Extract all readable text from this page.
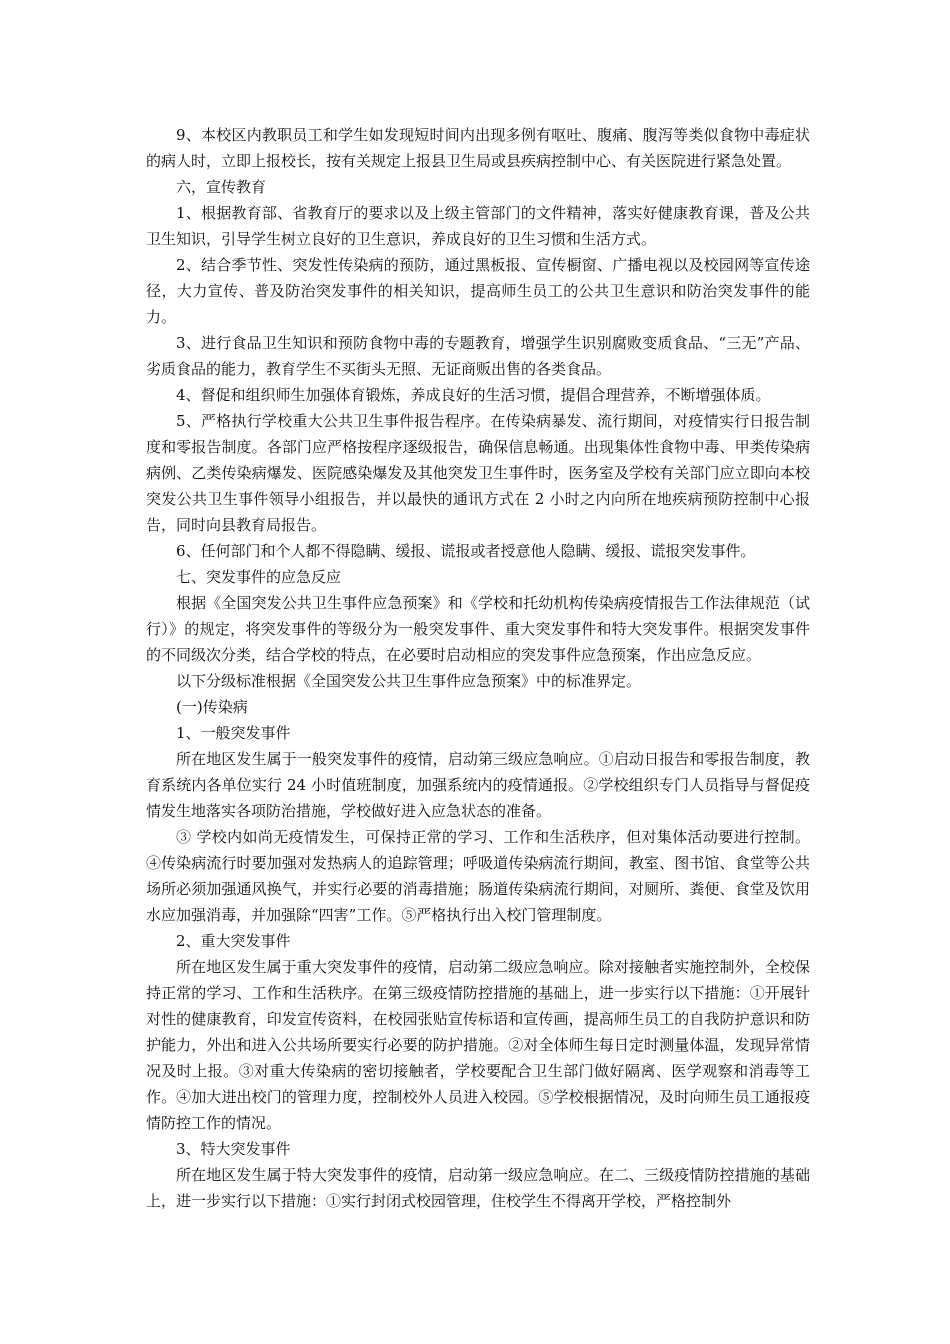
9、本校区内教职员工和学生如发现短时间内出现多例有呕吐、腹痛、腹泻等类似食物中毒症状的病人时，立即上报校长，按有关规定上报县卫生局或县疾病控制中心、有关医院进行紧急处置。

六，宣传教育

1、根据教育部、省教育厅的要求以及上级主管部门的文件精神，落实好健康教育课，普及公共卫生知识，引导学生树立良好的卫生意识，养成良好的卫生习惯和生活方式。

2、结合季节性、突发性传染病的预防，通过黑板报、宣传橱窗、广播电视以及校园网等宣传途径，大力宣传、普及防治突发事件的相关知识，提高师生员工的公共卫生意识和防治突发事件的能力。

3、进行食品卫生知识和预防食物中毒的专题教育，增强学生识别腐败变质食品、“三无”产品、劣质食品的能力，教育学生不买街头无照、无证商贩出售的各类食品。

4、督促和组织师生加强体育锻炼，养成良好的生活习惯，提倡合理营养，不断增强体质。

5、严格执行学校重大公共卫生事件报告程序。在传染病暴发、流行期间，对疫情实行日报告制度和零报告制度。各部门应严格按程序逐级报告，确保信息畅通。出现集体性食物中毒、甲类传染病病例、乙类传染病爆发、医院感染爆发及其他突发卫生事件时，医务室及学校有关部门应立即向本校突发公共卫生事件领导小组报告，并以最快的通讯方式在 2 小时之内向所在地疾病预防控制中心报告，同时向县教育局报告。

6、任何部门和个人都不得隐瞒、缓报、谎报或者授意他人隐瞒、缓报、谎报突发事件。

七、突发事件的应急反应

根据《全国突发公共卫生事件应急预案》和《学校和托幼机构传染病疫情报告工作法律规范（试行）》的规定，将突发事件的等级分为一般突发事件、重大突发事件和特大突发事件。根据突发事件的不同级次分类，结合学校的特点，在必要时启动相应的突发事件应急预案，作出应急反应。

以下分级标准根据《全国突发公共卫生事件应急预案》中的标准界定。

(一)传染病

1、一般突发事件

所在地区发生属于一般突发事件的疫情，启动第三级应急响应。①启动日报告和零报告制度，教育系统内各单位实行 24 小时值班制度，加强系统内的疫情通报。②学校组织专门人员指导与督促疫情发生地落实各项防治措施，学校做好进入应急状态的准备。

③ 学校内如尚无疫情发生，可保持正常的学习、工作和生活秩序，但对集体活动要进行控制。④传染病流行时要加强对发热病人的追踪管理；呼吸道传染病流行期间，教室、图书馆、食堂等公共场所必须加强通风换气，并实行必要的消毒措施；肠道传染病流行期间，对厕所、粪便、食堂及饮用水应加强消毒，并加强除“四害”工作。⑤严格执行出入校门管理制度。

2、重大突发事件

所在地区发生属于重大突发事件的疫情，启动第二级应急响应。除对接触者实施控制外，全校保持正常的学习、工作和生活秩序。在第三级疫情防控措施的基础上，进一步实行以下措施：①开展针对性的健康教育，印发宣传资料，在校园张贴宣传标语和宣传画，提高师生员工的自我防护意识和防护能力，外出和进入公共场所要实行必要的防护措施。②对全体师生每日定时测量体温，发现异常情况及时上报。③对重大传染病的密切接触者，学校要配合卫生部门做好隔离、医学观察和消毒等工作。④加大进出校门的管理力度，控制校外人员进入校园。⑤学校根据情况，及时向师生员工通报疫情防控工作的情况。

3、特大突发事件

所在地区发生属于特大突发事件的疫情，启动第一级应急响应。在二、三级疫情防控措施的基础上，进一步实行以下措施：①实行封闭式校园管理，住校学生不得离开学校，严格控制外
